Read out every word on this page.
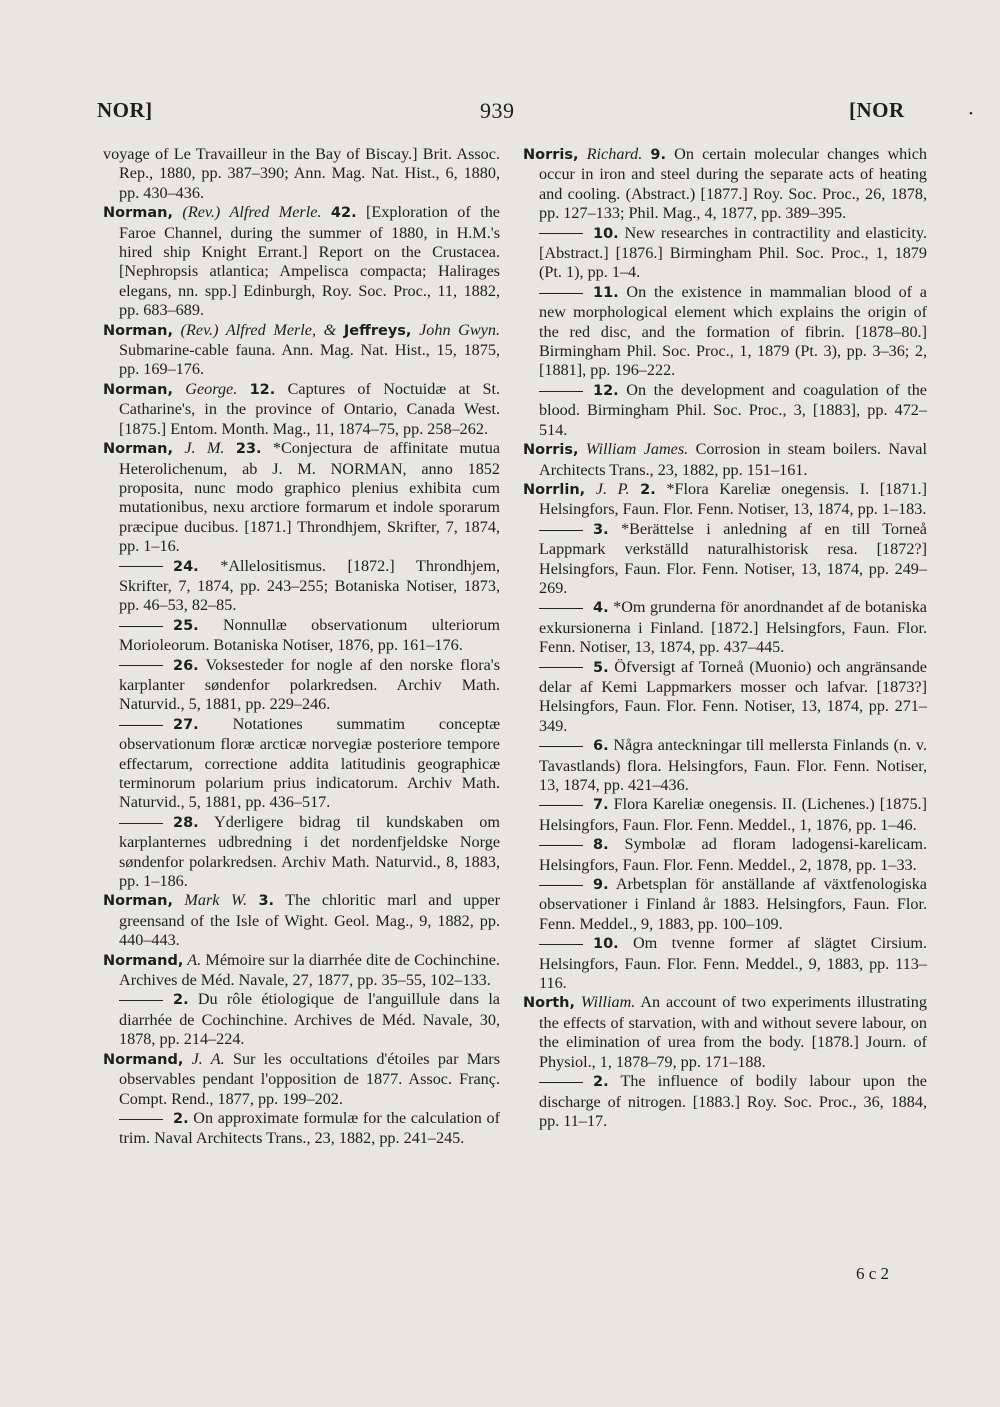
NOR]	939	[NOR	•
voyage of Le Travailleur in the Bay of Biscay.] Brit. Assoc. Rep., 1880, pp. 387–390; Ann. Mag. Nat. Hist., 6, 1880, pp. 430–436.
Norman, (Rev.) Alfred Merle. 42. [Exploration of the Faroe Channel, during the summer of 1880, in H.M.'s hired ship Knight Errant.] Report on the Crustacea. [Nephropsis atlantica; Ampelisca compacta; Halirages elegans, nn. spp.] Edinburgh, Roy. Soc. Proc., 11, 1882, pp. 683–689.
Norman, (Rev.) Alfred Merle, & Jeffreys, John Gwyn. Submarine-cable fauna. Ann. Mag. Nat. Hist., 15, 1875, pp. 169–176.
Norman, George. 12. Captures of Noctuidæ at St. Catharine's, in the province of Ontario, Canada West. [1875.] Entom. Month. Mag., 11, 1874–75, pp. 258–262.
Norman, J. M. 23. *Conjectura de affinitate mutua Heterolichenum, ab J. M. NORMAN, anno 1852 proposita, nunc modo graphico plenius exhibita cum mutationibus, nexu arctiore formarum et indole sporarum præcipue ducibus. [1871.] Throndhjem, Skrifter, 7, 1874, pp. 1–16.
24. *Allelositismus. [1872.] Throndhjem, Skrifter, 7, 1874, pp. 243–255; Botaniska Notiser, 1873, pp. 46–53, 82–85.
25. Nonnullæ observationum ulteriorum Morioleorum. Botaniska Notiser, 1876, pp. 161–176.
26. Voksesteder for nogle af den norske flora's karplanter søndenfor polarkredsen. Archiv Math. Naturvid., 5, 1881, pp. 229–246.
27. Notationes summatim conceptæ observationum floræ arcticæ norvegiæ posteriore tempore effectarum, correctione addita latitudinis geographicæ terminorum polarium prius indicatorum. Archiv Math. Naturvid., 5, 1881, pp. 436–517.
28. Yderligere bidrag til kundskaben om karplanternes udbredning i det nordenfjeldske Norge søndenfor polarkredsen. Archiv Math. Naturvid., 8, 1883, pp. 1–186.
Norman, Mark W. 3. The chloritic marl and upper greensand of the Isle of Wight. Geol. Mag., 9, 1882, pp. 440–443.
Normand, A. Mémoire sur la diarrhée dite de Cochinchine. Archives de Méd. Navale, 27, 1877, pp. 35–55, 102–133.
2. Du rôle étiologique de l'anguillule dans la diarrhée de Cochinchine. Archives de Méd. Navale, 30, 1878, pp. 214–224.
Normand, J. A. Sur les occultations d'étoiles par Mars observables pendant l'opposition de 1877. Assoc. Franç. Compt. Rend., 1877, pp. 199–202.
2. On approximate formulæ for the calculation of trim. Naval Architects Trans., 23, 1882, pp. 241–245.
Norris, Richard. 9. On certain molecular changes which occur in iron and steel during the separate acts of heating and cooling. (Abstract.) [1877.] Roy. Soc. Proc., 26, 1878, pp. 127–133; Phil. Mag., 4, 1877, pp. 389–395.
10. New researches in contractility and elasticity. [Abstract.] [1876.] Birmingham Phil. Soc. Proc., 1, 1879 (Pt. 1), pp. 1–4.
11. On the existence in mammalian blood of a new morphological element which explains the origin of the red disc, and the formation of fibrin. [1878–80.] Birmingham Phil. Soc. Proc., 1, 1879 (Pt. 3), pp. 3–36; 2, [1881], pp. 196–222.
12. On the development and coagulation of the blood. Birmingham Phil. Soc. Proc., 3, [1883], pp. 472–514.
Norris, William James. Corrosion in steam boilers. Naval Architects Trans., 23, 1882, pp. 151–161.
Norrlin, J. P. 2. *Flora Kareliæ onegensis. I. [1871.] Helsingfors, Faun. Flor. Fenn. Notiser, 13, 1874, pp. 1–183.
3. *Berättelse i anledning af en till Torneå Lappmark verkställd naturalhistorisk resa. [1872?] Helsingfors, Faun. Flor. Fenn. Notiser, 13, 1874, pp. 249–269.
4. *Om grunderna för anordnandet af de botaniska exkursionerna i Finland. [1872.] Helsingfors, Faun. Flor. Fenn. Notiser, 13, 1874, pp. 437–445.
5. Öfversigt af Torneå (Muonio) och angränsande delar af Kemi Lappmarkers mosser och lafvar. [1873?] Helsingfors, Faun. Flor. Fenn. Notiser, 13, 1874, pp. 271–349.
6. Några anteckningar till mellersta Finlands (n. v. Tavastlands) flora. Helsingfors, Faun. Flor. Fenn. Notiser, 13, 1874, pp. 421–436.
7. Flora Kareliæ onegensis. II. (Lichenes.) [1875.] Helsingfors, Faun. Flor. Fenn. Meddel., 1, 1876, pp. 1–46.
8. Symbolæ ad floram ladogensi-karelicam. Helsingfors, Faun. Flor. Fenn. Meddel., 2, 1878, pp. 1–33.
9. Arbetsplan för anställande af växtfenologiska observationer i Finland år 1883. Helsingfors, Faun. Flor. Fenn. Meddel., 9, 1883, pp. 100–109.
10. Om tvenne former af slägtet Cirsium. Helsingfors, Faun. Flor. Fenn. Meddel., 9, 1883, pp. 113–116.
North, William. An account of two experiments illustrating the effects of starvation, with and without severe labour, on the elimination of urea from the body. [1878.] Journ. of Physiol., 1, 1878–79, pp. 171–188.
2. The influence of bodily labour upon the discharge of nitrogen. [1883.] Roy. Soc. Proc., 36, 1884, pp. 11–17.
6 c 2
